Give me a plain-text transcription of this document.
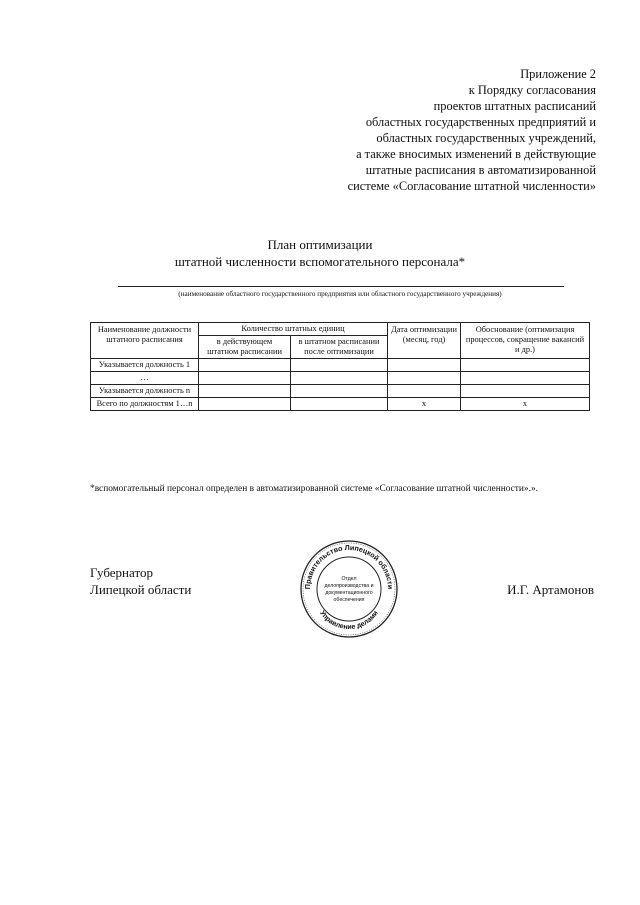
Приложение 2
к Порядку согласования
проектов штатных расписаний
областных государственных предприятий и
областных государственных учреждений,
а также вносимых изменений в действующие
штатные расписания в автоматизированной
системе «Согласование штатной численности»
План оптимизации
штатной численности вспомогательного персонала*
(наименование областного государственного предприятия или областного государственного учреждения)
Наименование должности штатного расписания	Количество штатных единиц		Дата оптимизации (месяц, год)	Обоснование (оптимизация процессов, сокращение вакансий и др.)
	в действующем штатном расписании	в штатном расписании после оптимизации		
Указывается должность 1				
…				
Указывается должность n				
Всего по должностям 1…n			x	x
*вспомогательный персонал определен в автоматизированной системе «Согласование штатной численности».».
Губернатор
Липецкой области	И.Г. Артамонов
Правительство Липецкой области
Управление делами
Отдел
делопроизводства и
документационного
обеспечения
